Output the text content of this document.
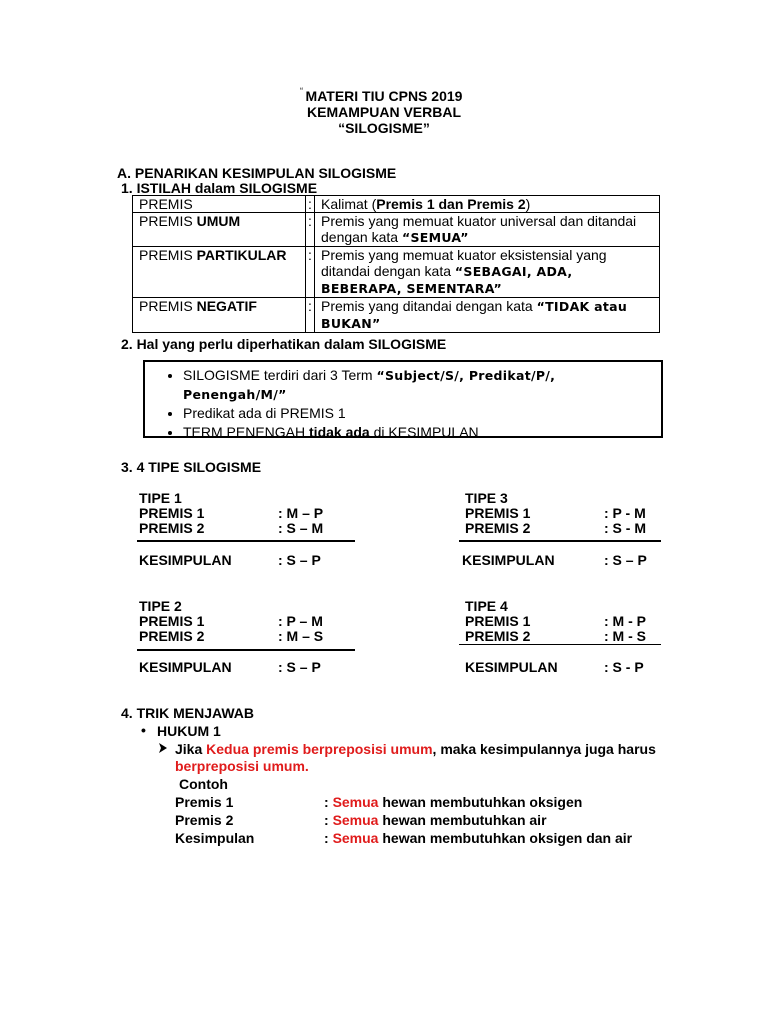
“ MATERI TIU CPNS 2019
KEMAMPUAN VERBAL
“SILOGISME”
A. PENARIKAN KESIMPULAN SILOGISME
1. ISTILAH dalam SILOGISME
PREMIS	:	Kalimat (Premis 1 dan Premis 2)
PREMIS UMUM	:	Premis yang memuat kuator universal dan ditandai
dengan kata “SEMUA”
PREMIS PARTIKULAR	:	Premis yang memuat kuator eksistensial yang
ditandai dengan kata “SEBAGAI, ADA,
BEBERAPA, SEMENTARA”
PREMIS NEGATIF	:	Premis yang ditandai dengan kata “TIDAK atau
BUKAN”
2. Hal yang perlu diperhatikan dalam SILOGISME
• SILOGISME terdiri dari 3 Term “Subject/S/, Predikat/P/, Penengah/M/”
• Predikat ada di PREMIS 1
• TERM PENENGAH tidak ada di KESIMPULAN
3. 4 TIPE SILOGISME
TIPE 1
PREMIS 1	: M – P
PREMIS 2	: S – M
KESIMPULAN	: S – P
TIPE 3
PREMIS 1	: P - M
PREMIS 2	: S - M
KESIMPULAN	: S – P
TIPE 2
PREMIS 1	: P – M
PREMIS 2	: M – S
KESIMPULAN	: S – P
TIPE 4
PREMIS 1	: M - P
PREMIS 2	: M - S
KESIMPULAN	: S - P
4. TRIK MENJAWAB
• HUKUM 1
Jika Kedua premis berpreposisi umum, maka kesimpulannya juga harus
berpreposisi umum.
Contoh
Premis 1	: Semua hewan membutuhkan oksigen
Premis 2	: Semua hewan membutuhkan air
Kesimpulan	: Semua hewan membutuhkan oksigen dan air
